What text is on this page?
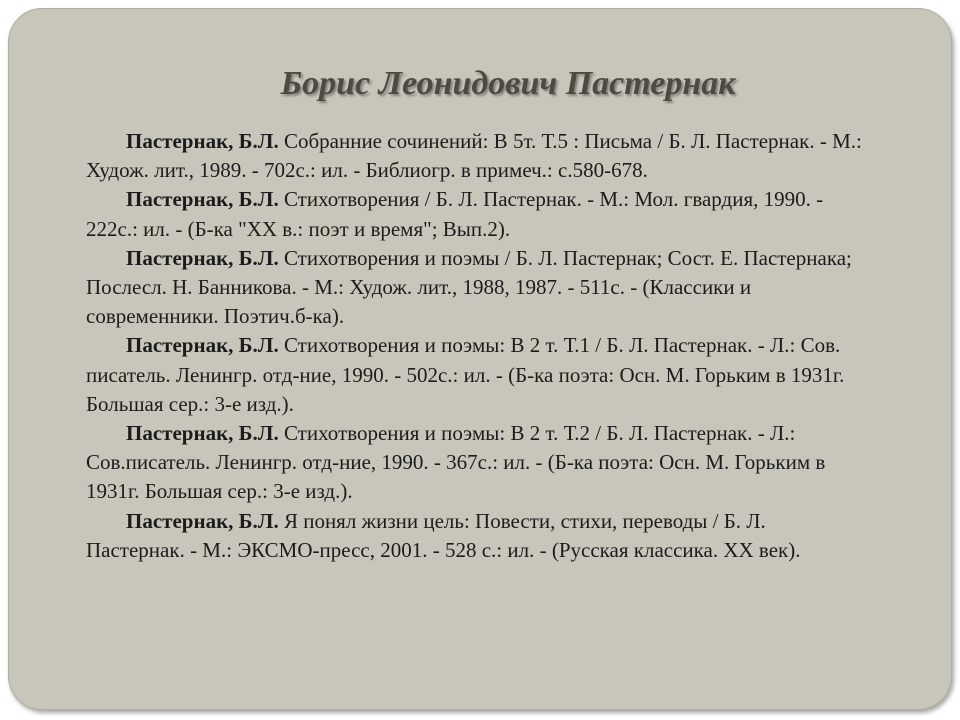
Борис Леонидович Пастернак

Пастернак, Б.Л. Собранние сочинений: В 5т. Т.5 : Письма / Б. Л. Пастернак. - М.: Худож. лит., 1989. - 702с.: ил. - Библиогр. в примеч.: с.580-678.

Пастернак, Б.Л. Стихотворения / Б. Л. Пастернак. - М.: Мол. гвардия, 1990. - 222с.: ил. - (Б-ка "XX в.: поэт и время"; Вып.2).

Пастернак, Б.Л. Стихотворения и поэмы / Б. Л. Пастернак; Сост. Е. Пастернака; Послесл. Н. Банникова. - М.: Худож. лит., 1988, 1987. - 511с. - (Классики и современники. Поэтич.б-ка).

Пастернак, Б.Л. Стихотворения и поэмы: В 2 т. Т.1 / Б. Л. Пастернак. - Л.: Сов. писатель. Ленингр. отд-ние, 1990. - 502с.: ил. - (Б-ка поэта: Осн. М. Горьким в 1931г. Большая сер.: 3-е изд.).

Пастернак, Б.Л. Стихотворения и поэмы: В 2 т. Т.2 / Б. Л. Пастернак. - Л.: Сов.писатель. Ленингр. отд-ние, 1990. - 367с.: ил. - (Б-ка поэта: Осн. М. Горьким в 1931г. Большая сер.: 3-е изд.).

Пастернак, Б.Л. Я понял жизни цель: Повести, стихи, переводы / Б. Л. Пастернак. - М.: ЭКСМО-пресс, 2001. - 528 с.: ил. - (Русская классика. XX век).
